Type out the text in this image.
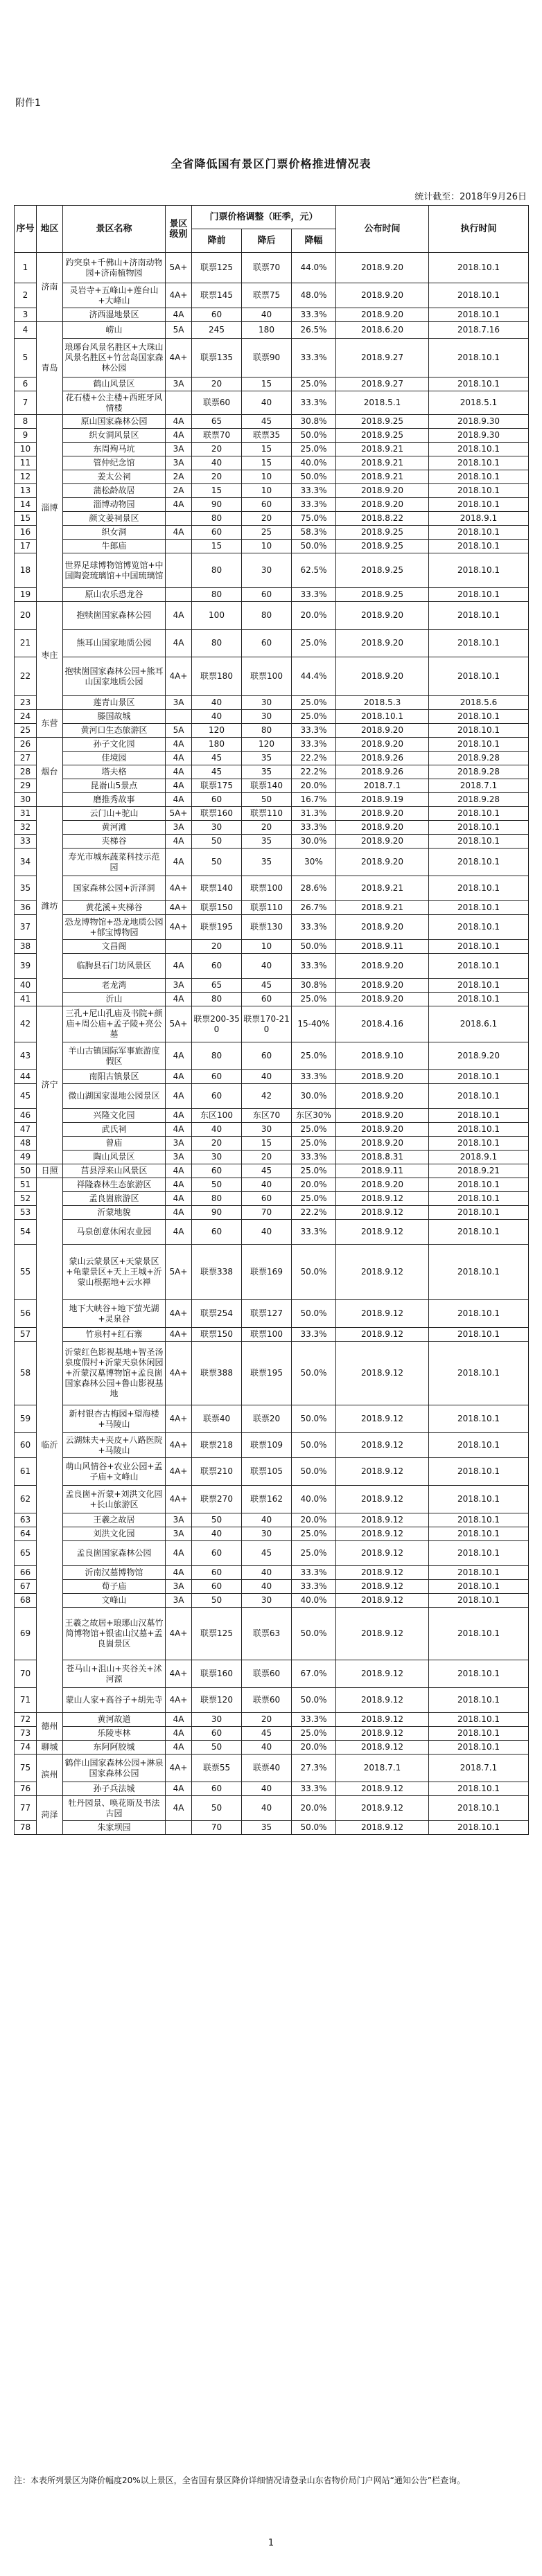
附件1
全省降低国有景区门票价格推进情况表
统计截至：2018年9月26日
序号	地区	景区名称	景区级别	门票价格调整（旺季，元）			公布时间	执行时间
				降前	降后	降幅		
1	济南	趵突泉+千佛山+济南动物园+济南植物园	5A+	联票125	联票70	44.0%	2018.9.20	2018.10.1
2		灵岩寺+五峰山+莲台山+大峰山	4A+	联票145	联票75	48.0%	2018.9.20	2018.10.1
3		济西湿地景区	4A	60	40	33.3%	2018.9.20	2018.10.1
4	青岛	崂山	5A	245	180	26.5%	2018.6.20	2018.7.16
5		琅琊台风景名胜区+大珠山风景名胜区+竹岔岛国家森林公园	4A+	联票135	联票90	33.3%	2018.9.27	2018.10.1
6		鹤山风景区	3A	20	15	25.0%	2018.9.27	2018.10.1
7		花石楼+公主楼+西班牙风情楼		联票60	40	33.3%	2018.5.1	2018.5.1
8	淄博	原山国家森林公园	4A	65	45	30.8%	2018.9.25	2018.9.30
9		织女洞风景区	4A	联票70	联票35	50.0%	2018.9.25	2018.9.30
10		东周殉马坑	3A	20	15	25.0%	2018.9.21	2018.10.1
11		管仲纪念馆	3A	40	15	40.0%	2018.9.21	2018.10.1
12		姜太公祠	2A	20	10	50.0%	2018.9.21	2018.10.1
13		蒲松龄故居	2A	15	10	33.3%	2018.9.20	2018.10.1
14		淄博动物园	4A	90	60	33.3%	2018.9.20	2018.10.1
15		颜文姜祠景区		80	20	75.0%	2018.8.22	2018.9.1
16		织女洞	4A	60	25	58.3%	2018.9.25	2018.10.1
17		牛郎庙		15	10	50.0%	2018.9.25	2018.10.1
18		世界足球博物馆博览馆+中国陶瓷琉璃馆+中国琉璃馆		80	30	62.5%	2018.9.25	2018.10.1
19		原山农乐恐龙谷		80	60	33.3%	2018.9.25	2018.10.1
20	枣庄	抱犊崮国家森林公园	4A	100	80	20.0%	2018.9.20	2018.10.1
21		熊耳山国家地质公园	4A	80	60	25.0%	2018.9.20	2018.10.1
22		抱犊崮国家森林公园+熊耳山国家地质公园	4A+	联票180	联票100	44.4%	2018.9.20	2018.10.1
23		莲青山景区	3A	40	30	25.0%	2018.5.3	2018.5.6
24	东营	滕国故城		40	30	25.0%	2018.10.1	2018.10.1
25		黄河口生态旅游区	5A	120	80	33.3%	2018.9.20	2018.10.1
26	烟台	孙子文化园	4A	180	120	33.3%	2018.9.20	2018.10.1
27		佳境园	4A	45	35	22.2%	2018.9.26	2018.9.28
28		塔夫格	4A	45	35	22.2%	2018.9.26	2018.9.28
29		昆嵛山5景点	4A	联票175	联票140	20.0%	2018.7.1	2018.7.1
30		磨推秀故事	4A	60	50	16.7%	2018.9.19	2018.9.28
31	潍坊	云门山+驼山	5A+	联票160	联票110	31.3%	2018.9.20	2018.10.1
32		黄河滩	3A	30	20	33.3%	2018.9.20	2018.10.1
33		夹梯谷	4A	50	35	30.0%	2018.9.20	2018.10.1
34		寿光市城东蔬菜科技示范园	4A	50	35	30%	2018.9.20	2018.10.1
35		国家森林公园+沂泽洞	4A+	联票140	联票100	28.6%	2018.9.21	2018.10.1
36		黄花溪+夹梯谷	4A+	联票150	联票110	26.7%	2018.9.21	2018.10.1
37		恐龙博物馆+恐龙地质公园+郁宝博物园	4A+	联票195	联票130	33.3%	2018.9.20	2018.10.1
38		文昌阁		20	10	50.0%	2018.9.11	2018.10.1
39		临朐县石门坊风景区	4A	60	40	33.3%	2018.9.20	2018.10.1
40		老龙湾	3A	65	45	30.8%	2018.9.20	2018.10.1
41		沂山	4A	80	60	25.0%	2018.9.20	2018.10.1
42	济宁	三孔+尼山孔庙及书院+颜庙+周公庙+孟子陵+亮公墓	5A+	联票200-350	联票170-210	15-40%	2018.4.16	2018.6.1
43		羊山古镇国际军事旅游度假区	4A	80	60	25.0%	2018.9.10	2018.9.20
44		南阳古镇景区	4A	60	40	33.3%	2018.9.20	2018.10.1
45		微山湖国家湿地公园景区	4A	60	42	30.0%	2018.9.20	2018.10.1
46		兴隆文化园	4A	东区100	东区70	东区30%	2018.9.20	2018.10.1
47		武氏祠	4A	40	30	25.0%	2018.9.20	2018.10.1
48		曾庙	3A	20	15	25.0%	2018.9.20	2018.10.1
49		陶山风景区	3A	30	20	33.3%	2018.8.31	2018.9.1
50	日照	莒县浮来山风景区	4A	60	45	25.0%	2018.9.11	2018.9.21
51	临沂	祥隆森林生态旅游区	4A	50	40	20.0%	2018.9.20	2018.10.1
52		孟良崮旅游区	4A	80	60	25.0%	2018.9.12	2018.10.1
53		沂蒙地貌	4A	90	70	22.2%	2018.9.12	2018.10.1
54		马泉创意休闲农业园	4A	60	40	33.3%	2018.9.12	2018.10.1
55		蒙山云蒙景区+天蒙景区+龟蒙景区+天上王城+沂蒙山根据地+云水禅	5A+	联票338	联票169	50.0%	2018.9.12	2018.10.1
56		地下大峡谷+地下萤光湖+灵泉谷	4A+	联票254	联票127	50.0%	2018.9.12	2018.10.1
57		竹泉村+红石寨	4A+	联票150	联票100	33.3%	2018.9.12	2018.10.1
58		沂蒙红色影视基地+智圣汤泉度假村+沂蒙天泉休闲园+沂蒙汉墓博物馆+孟良崮国家森林公园+鲁山影视基地	4A+	联票388	联票195	50.0%	2018.9.12	2018.10.1
59		新村银杏古梅园+望海楼+马陵山	4A+	联票40	联票20	50.0%	2018.9.12	2018.10.1
60		云湖妹夫+夹皮+八路医院+马陵山	4A+	联票218	联票109	50.0%	2018.9.12	2018.10.1
61		萌山风情谷+农业公园+孟子庙+文峰山	4A+	联票210	联票105	50.0%	2018.9.12	2018.10.1
62		孟良崮+沂蒙+刘洪文化园+长山旅游区	4A+	联票270	联票162	40.0%	2018.9.12	2018.10.1
63		王羲之故居	3A	50	40	20.0%	2018.9.12	2018.10.1
64		刘洪文化园	3A	40	30	25.0%	2018.9.12	2018.10.1
65		孟良崮国家森林公园	4A	60	45	25.0%	2018.9.12	2018.10.1
66		沂南汉墓博物馆	4A	60	40	33.3%	2018.9.12	2018.10.1
67		荀子庙	3A	60	40	33.3%	2018.9.12	2018.10.1
68		文峰山	3A	50	30	40.0%	2018.9.12	2018.10.1
69		王羲之故居+琅琊山汉墓竹简博物馆+银雀山汉墓+孟良崮景区	4A+	联票125	联票63	50.0%	2018.9.12	2018.10.1
70		苍马山+沮山+夹谷关+沭河源	4A+	联票160	联票60	67.0%	2018.9.12	2018.10.1
71		蒙山人家+高谷子+胡先寺	4A+	联票120	联票60	50.0%	2018.9.12	2018.10.1
72	德州	黄河故道	4A	30	20	33.3%	2018.9.12	2018.10.1
73		乐陵枣林	4A	60	45	25.0%	2018.9.12	2018.10.1
74	聊城	东阿阿胶城	4A	50	40	20.0%	2018.9.12	2018.10.1
75	滨州	鹤伴山国家森林公园+淋泉国家森林公园	4A+	联票55	联票40	27.3%	2018.7.1	2018.7.1
76		孙子兵法城	4A	60	40	33.3%	2018.9.12	2018.10.1
77	菏泽	牡丹园景、唤花斯及书法古园	4A	50	40	20.0%	2018.9.12	2018.10.1
78		朱家坝园		70	35	50.0%	2018.9.12	2018.10.1
注：本表所列景区为降价幅度20%以上景区，全省国有景区降价详细情况请登录山东省物价局门户网站“通知公告”栏查询。
1
